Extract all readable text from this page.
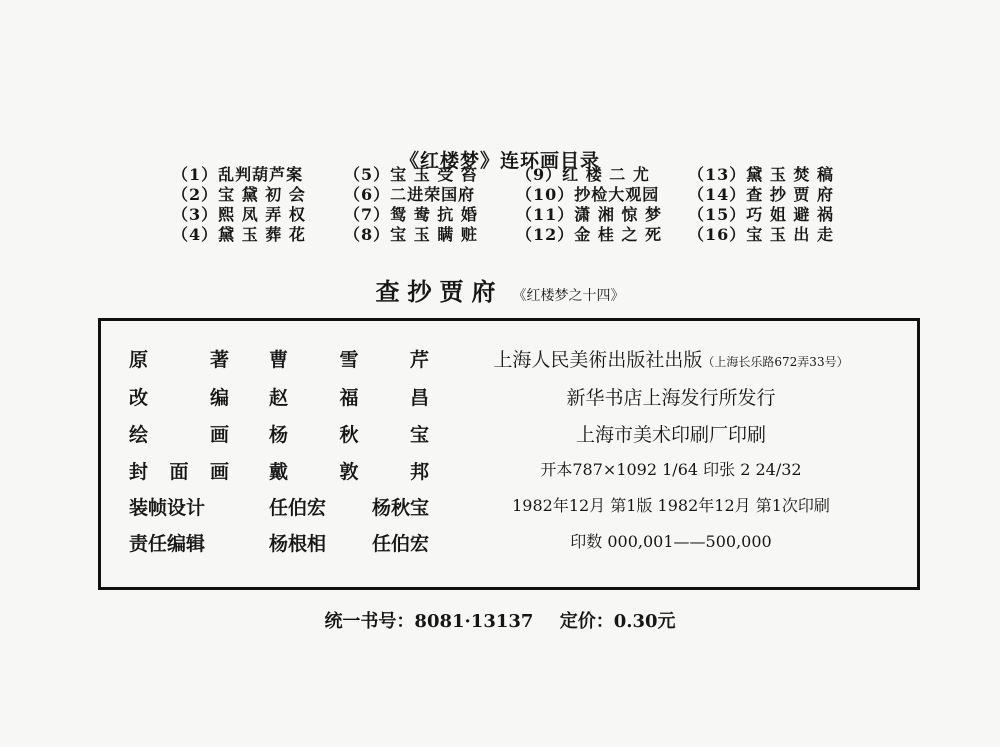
《红楼梦》连环画目录
（1）乱判葫芦案	（5）宝 玉 受 笞	（9）红 楼 二 尤	（13）黛 玉 焚 稿
（2）宝 黛 初 会	（6）二进荣国府	（10）抄检大观园	（14）查 抄 贾 府
（3）熙 凤 弄 权	（7）鸳 鸯 抗 婚	（11）潇 湘 惊 梦	（15）巧 姐 避 祸
（4）黛 玉 葬 花	（8）宝 玉 瞒 赃	（12）金 桂 之 死	（16）宝 玉 出 走
查抄贾府 《红楼梦之十四》
原	著 曹	雪	芹	上海人民美術出版社出版（上海长乐路672弄33号）
改	编 赵	福	昌	新华书店上海发行所发行
绘	画 杨	秋	宝	上海市美术印刷厂印刷
封 面 画 戴	敦	邦	开本787×1092 1/64 印张 2 24/32
装帧设计	任伯宏 杨秋宝	1982年12月 第1版 1982年12月 第1次印刷
责任编辑	杨根相 任伯宏	印数 000,001——500,000
统一书号：8081·13137 定价：0.30元
